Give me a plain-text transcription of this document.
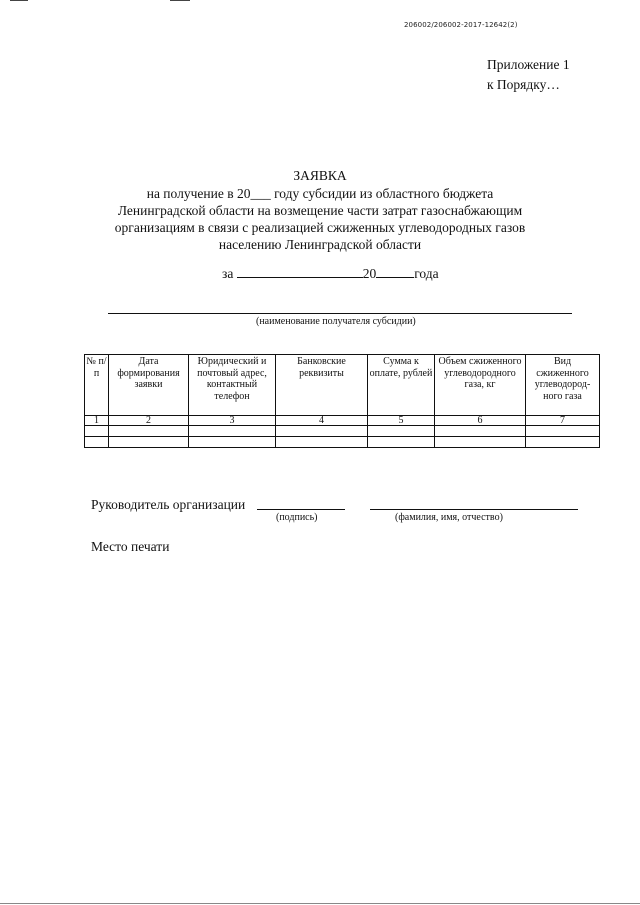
206002/206002-2017-12642(2)
Приложение 1
к Порядку…
ЗАЯВКА
на получение в 20___ году субсидии из областного бюджета
Ленинградской области на возмещение части затрат газоснабжающим
организациям в связи с реализацией сжиженных углеводородных газов
населению Ленинградской области
за	20	года
(наименование получателя субсидии)
№ п/п	Дата формирования заявки	Юридический и почтовый адрес, контактный телефон	Банковские реквизиты	Сумма к оплате, рублей	Объем сжиженного углеводородного газа, кг	Вид сжиженного углеводород-ного газа
1	2	3	4	5	6	7

Руководитель организации
(подпись)	(фамилия, имя, отчество)
Место печати
